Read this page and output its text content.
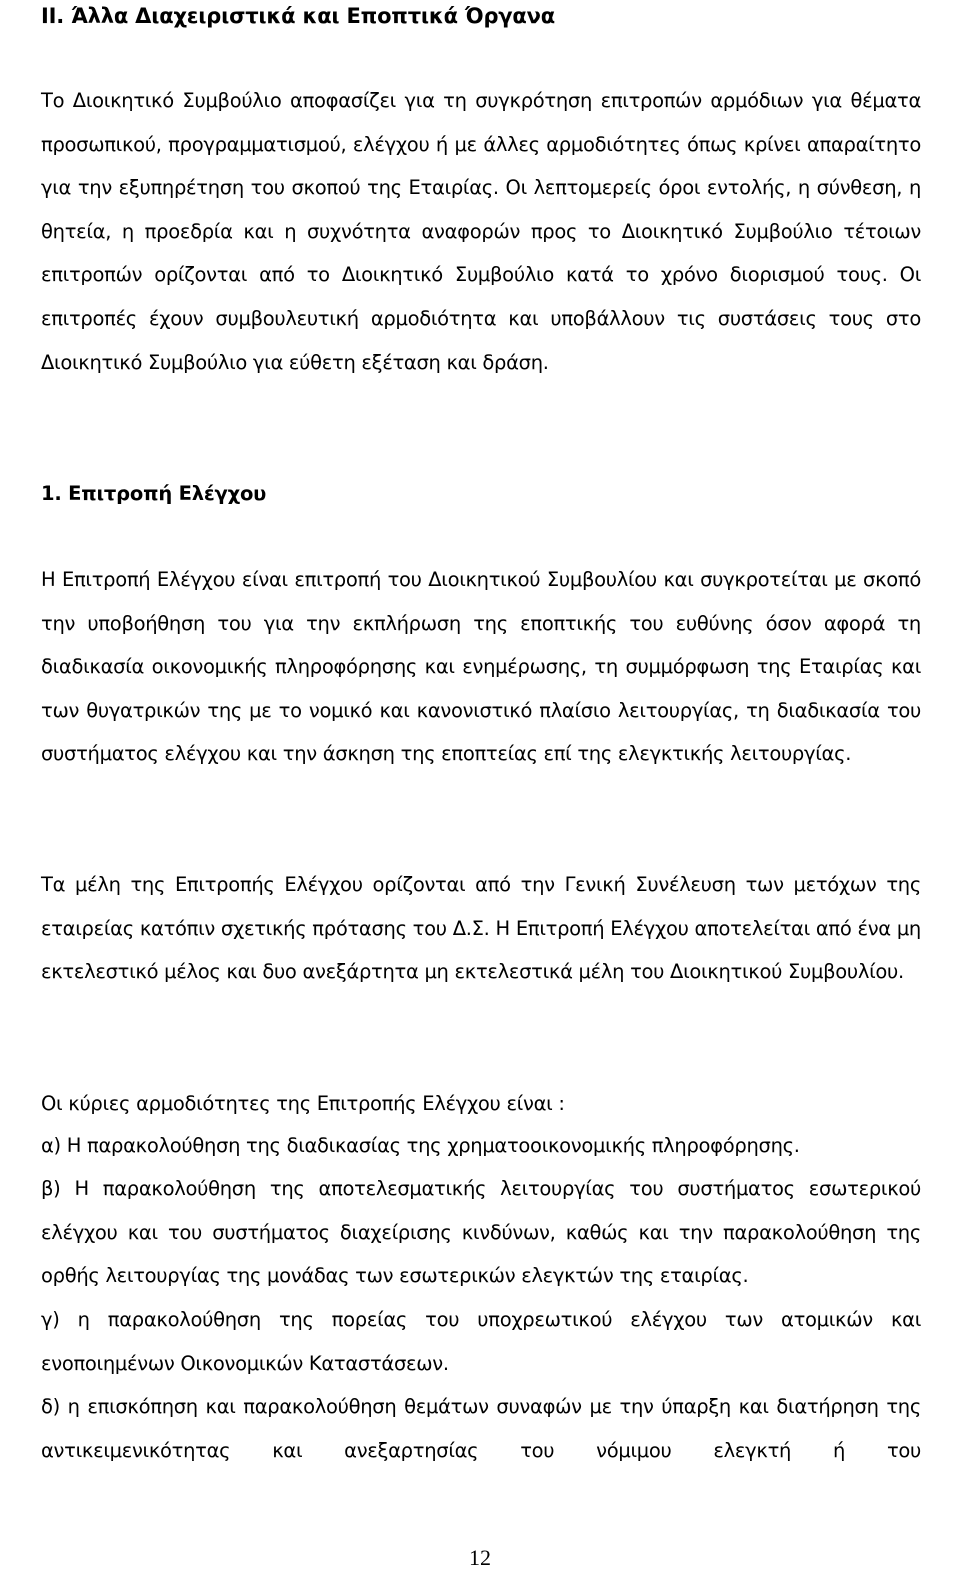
ΙΙ. Άλλα Διαχειριστικά και Εποπτικά Όργανα

Το Διοικητικό Συμβούλιο αποφασίζει για τη συγκρότηση επιτροπών αρμόδιων για θέματα προσωπικού, προγραμματισμού, ελέγχου ή με άλλες αρμοδιότητες όπως κρίνει απαραίτητο για την εξυπηρέτηση του σκοπού της Εταιρίας. Οι λεπτομερείς όροι εντολής, η σύνθεση, η θητεία, η προεδρία και η συχνότητα αναφορών προς το Διοικητικό Συμβούλιο τέτοιων επιτροπών ορίζονται από το Διοικητικό Συμβούλιο κατά το χρόνο διορισμού τους. Οι επιτροπές έχουν συμβουλευτική αρμοδιότητα και υποβάλλουν τις συστάσεις τους στο Διοικητικό Συμβούλιο για εύθετη εξέταση και δράση.

1. Επιτροπή Ελέγχου

Η Επιτροπή Ελέγχου είναι επιτροπή του Διοικητικού Συμβουλίου και συγκροτείται με σκοπό την υποβοήθηση του για την εκπλήρωση της εποπτικής του ευθύνης όσον αφορά τη διαδικασία οικονομικής πληροφόρησης και ενημέρωσης, τη συμμόρφωση της Εταιρίας και των θυγατρικών της με το νομικό και κανονιστικό πλαίσιο λειτουργίας, τη διαδικασία του συστήματος ελέγχου και την άσκηση της εποπτείας επί της ελεγκτικής λειτουργίας.

Τα μέλη της Επιτροπής Ελέγχου ορίζονται από την Γενική Συνέλευση των μετόχων της εταιρείας κατόπιν σχετικής πρότασης του Δ.Σ. Η Επιτροπή Ελέγχου αποτελείται από ένα μη εκτελεστικό μέλος και δυο ανεξάρτητα μη εκτελεστικά μέλη του Διοικητικού Συμβουλίου.

Οι κύριες αρμοδιότητες της Επιτροπής Ελέγχου είναι :

α) Η παρακολούθηση της διαδικασίας της χρηματοοικονομικής πληροφόρησης.

β) Η παρακολούθηση της αποτελεσματικής λειτουργίας του συστήματος εσωτερικού ελέγχου και του συστήματος διαχείρισης κινδύνων, καθώς και την παρακολούθηση της ορθής λειτουργίας της μονάδας των εσωτερικών ελεγκτών της εταιρίας.

γ) η παρακολούθηση της πορείας του υποχρεωτικού ελέγχου των ατομικών και ενοποιημένων Οικονομικών Καταστάσεων.

δ) η επισκόπηση και παρακολούθηση θεμάτων συναφών με την ύπαρξη και διατήρηση της αντικειμενικότητας και ανεξαρτησίας του νόμιμου ελεγκτή ή του

12
